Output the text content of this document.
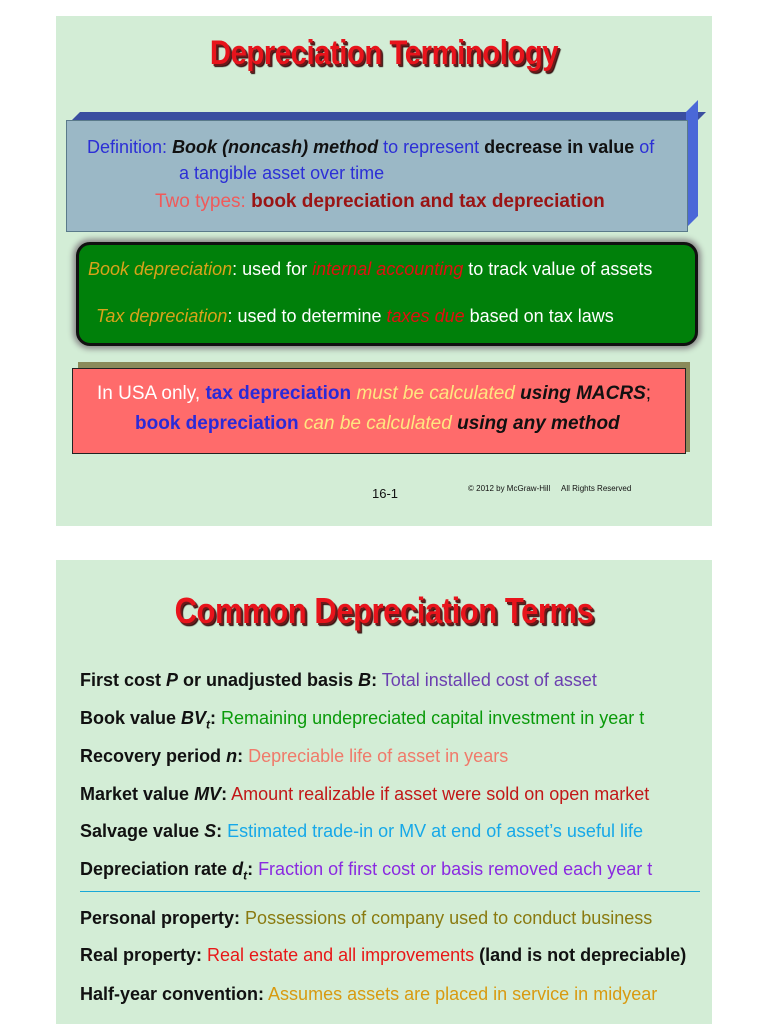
Depreciation Terminology
Definition: Book (noncash) method to represent decrease in value of
a tangible asset over time
Two types: book depreciation and tax depreciation
Book depreciation: used for internal accounting to track value of assets
Tax depreciation: used to determine taxes due based on tax laws
In USA only, tax depreciation must be calculated using MACRS;
book depreciation can be calculated using any method
16-1	© 2012 by McGraw-Hill     All Rights Reserved
Common Depreciation Terms
First cost P or unadjusted basis B: Total installed cost of asset
Book value $BV_t$: Remaining undepreciated capital investment in year t
Recovery period n: Depreciable life of asset in years
Market value MV: Amount realizable if asset were sold on open market
Salvage value S: Estimated trade-in or MV at end of asset’s useful life
Depreciation rate $d_t$: Fraction of first cost or basis removed each year t
Personal property: Possessions of company used to conduct business
Real property: Real estate and all improvements (land is not depreciable)
Half-year convention: Assumes assets are placed in service in midyear
